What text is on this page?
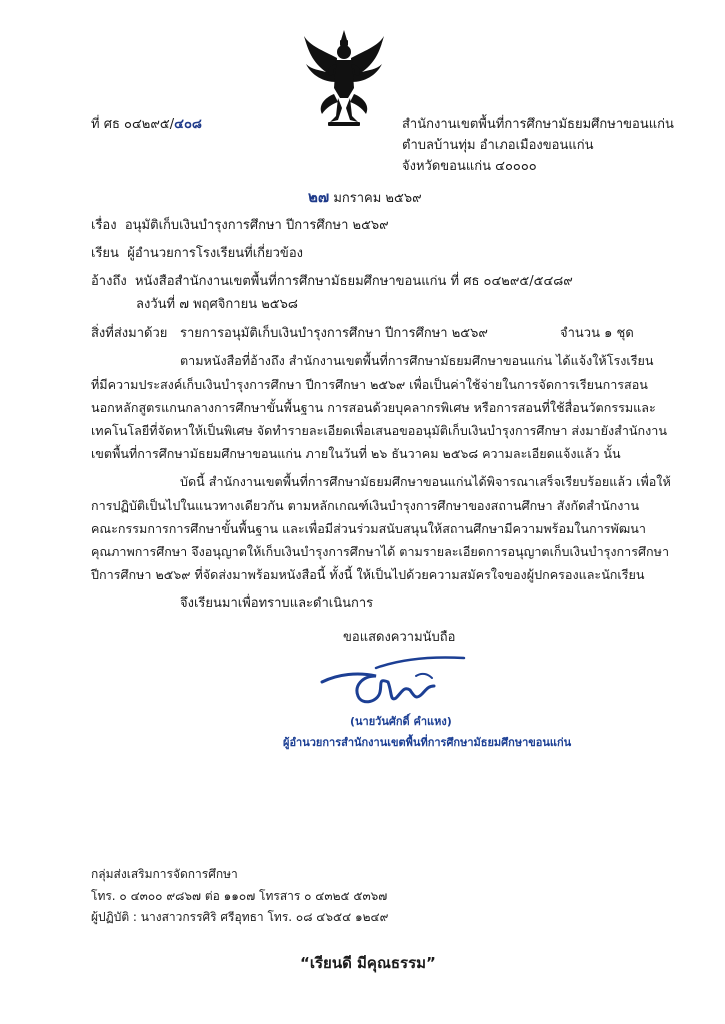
ที่ ศธ ๐๔๒๙๕/๔๐๘	สำนักงานเขตพื้นที่การศึกษามัธยมศึกษาขอนแก่น
ตำบลบ้านทุ่ม อำเภอเมืองขอนแก่น
จังหวัดขอนแก่น ๔๐๐๐๐
๒๗ มกราคม ๒๕๖๙
เรื่อง อนุมัติเก็บเงินบำรุงการศึกษา ปีการศึกษา ๒๕๖๙
เรียน ผู้อำนวยการโรงเรียนที่เกี่ยวข้อง
อ้างถึง หนังสือสำนักงานเขตพื้นที่การศึกษามัธยมศึกษาขอนแก่น ที่ ศธ ๐๔๒๙๕/๕๔๘๙
ลงวันที่ ๗ พฤศจิกายน ๒๕๖๘
สิ่งที่ส่งมาด้วย รายการอนุมัติเก็บเงินบำรุงการศึกษา ปีการศึกษา ๒๕๖๙	จำนวน ๑ ชุด
ตามหนังสือที่อ้างถึง สำนักงานเขตพื้นที่การศึกษามัธยมศึกษาขอนแก่น ได้แจ้งให้โรงเรียน
ที่มีความประสงค์เก็บเงินบำรุงการศึกษา ปีการศึกษา ๒๕๖๙ เพื่อเป็นค่าใช้จ่ายในการจัดการเรียนการสอน
นอกหลักสูตรแกนกลางการศึกษาขั้นพื้นฐาน การสอนด้วยบุคลากรพิเศษ หรือการสอนที่ใช้สื่อนวัตกรรมและ
เทคโนโลยีที่จัดหาให้เป็นพิเศษ จัดทำรายละเอียดเพื่อเสนอขออนุมัติเก็บเงินบำรุงการศึกษา ส่งมายังสำนักงาน
เขตพื้นที่การศึกษามัธยมศึกษาขอนแก่น ภายในวันที่ ๒๖ ธันวาคม ๒๕๖๘ ความละเอียดแจ้งแล้ว นั้น
บัดนี้ สำนักงานเขตพื้นที่การศึกษามัธยมศึกษาขอนแก่นได้พิจารณาเสร็จเรียบร้อยแล้ว เพื่อให้
การปฏิบัติเป็นไปในแนวทางเดียวกัน ตามหลักเกณฑ์เงินบำรุงการศึกษาของสถานศึกษา สังกัดสำนักงาน
คณะกรรมการการศึกษาขั้นพื้นฐาน และเพื่อมีส่วนร่วมสนับสนุนให้สถานศึกษามีความพร้อมในการพัฒนา
คุณภาพการศึกษา จึงอนุญาตให้เก็บเงินบำรุงการศึกษาได้ ตามรายละเอียดการอนุญาตเก็บเงินบำรุงการศึกษา
ปีการศึกษา ๒๕๖๙ ที่จัดส่งมาพร้อมหนังสือนี้ ทั้งนี้ ให้เป็นไปด้วยความสมัครใจของผู้ปกครองและนักเรียน
จึงเรียนมาเพื่อทราบและดำเนินการ
ขอแสดงความนับถือ
(นายวันศักดิ์ คำแหง)
ผู้อำนวยการสำนักงานเขตพื้นที่การศึกษามัธยมศึกษาขอนแก่น
กลุ่มส่งเสริมการจัดการศึกษา
โทร. ๐ ๔๓๐๐ ๙๘๖๗ ต่อ ๑๑๐๗ โทรสาร ๐ ๔๓๒๕ ๕๓๖๗
ผู้ปฏิบัติ : นางสาวกรรศิริ ศรีอุทธา โทร. ๐๘ ๔๖๕๔ ๑๒๔๙
“เรียนดี มีคุณธรรม”
